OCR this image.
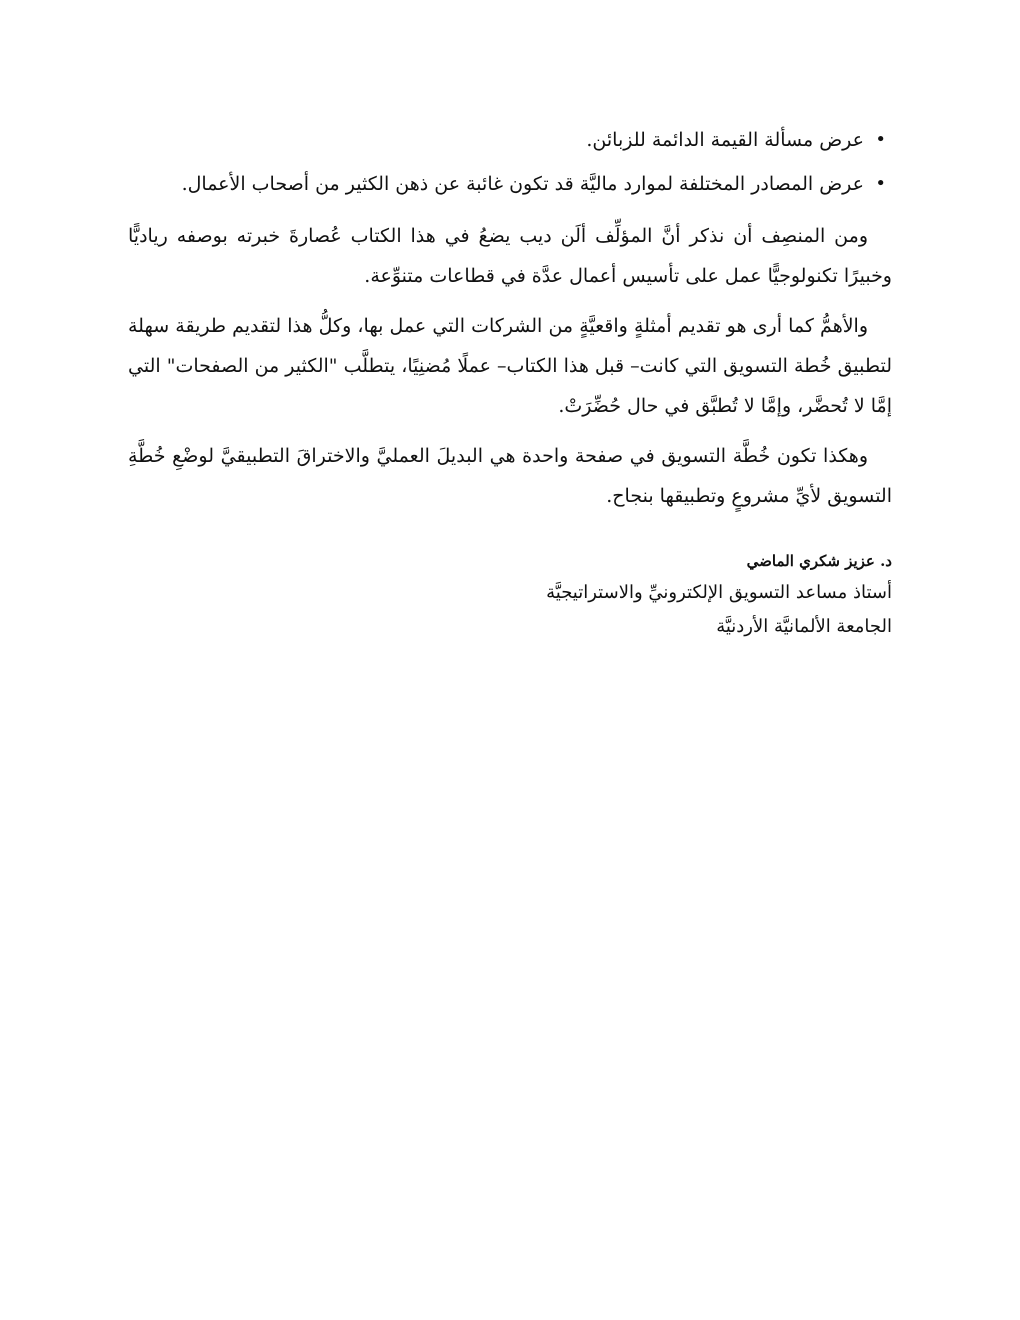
•
عرض مسألة القيمة الدائمة للزبائن.
•
عرض المصادر المختلفة لموارد ماليَّة قد تكون غائبة عن ذهن الكثير من أصحاب الأعمال.

ومن المنصِف أن نذكر أنَّ المؤلِّف ألَن ديب يضعُ في هذا الكتاب عُصارةَ خبرته بوصفه رياديًّا وخبيرًا تكنولوجيًّا عمل على تأسيس أعمال عدَّة في قطاعات متنوِّعة.

والأهمُّ كما أرى هو تقديم أمثلةٍ واقعيَّةٍ من الشركات التي عمل بها، وكلُّ هذا لتقديم طريقة سهلة لتطبيق خُطة التسويق التي كانت– قبل هذا الكتاب– عملًا مُضنِيًا، يتطلَّب "الكثير من الصفحات" التي إمَّا لا تُحضَّر، وإمَّا لا تُطبَّق في حال حُضِّرَتْ.

وهكذا تكون خُطَّة التسويق في صفحة واحدة هي البديلَ العمليَّ والاختراقَ التطبيقيَّ لوضْعِ خُطَّةِ التسويق لأيِّ مشروعٍ وتطبيقها بنجاح.

د. عزيز شكري الماضي
أستاذ مساعد التسويق الإلكترونيِّ والاستراتيجيَّة
الجامعة الألمانيَّة الأردنيَّة
